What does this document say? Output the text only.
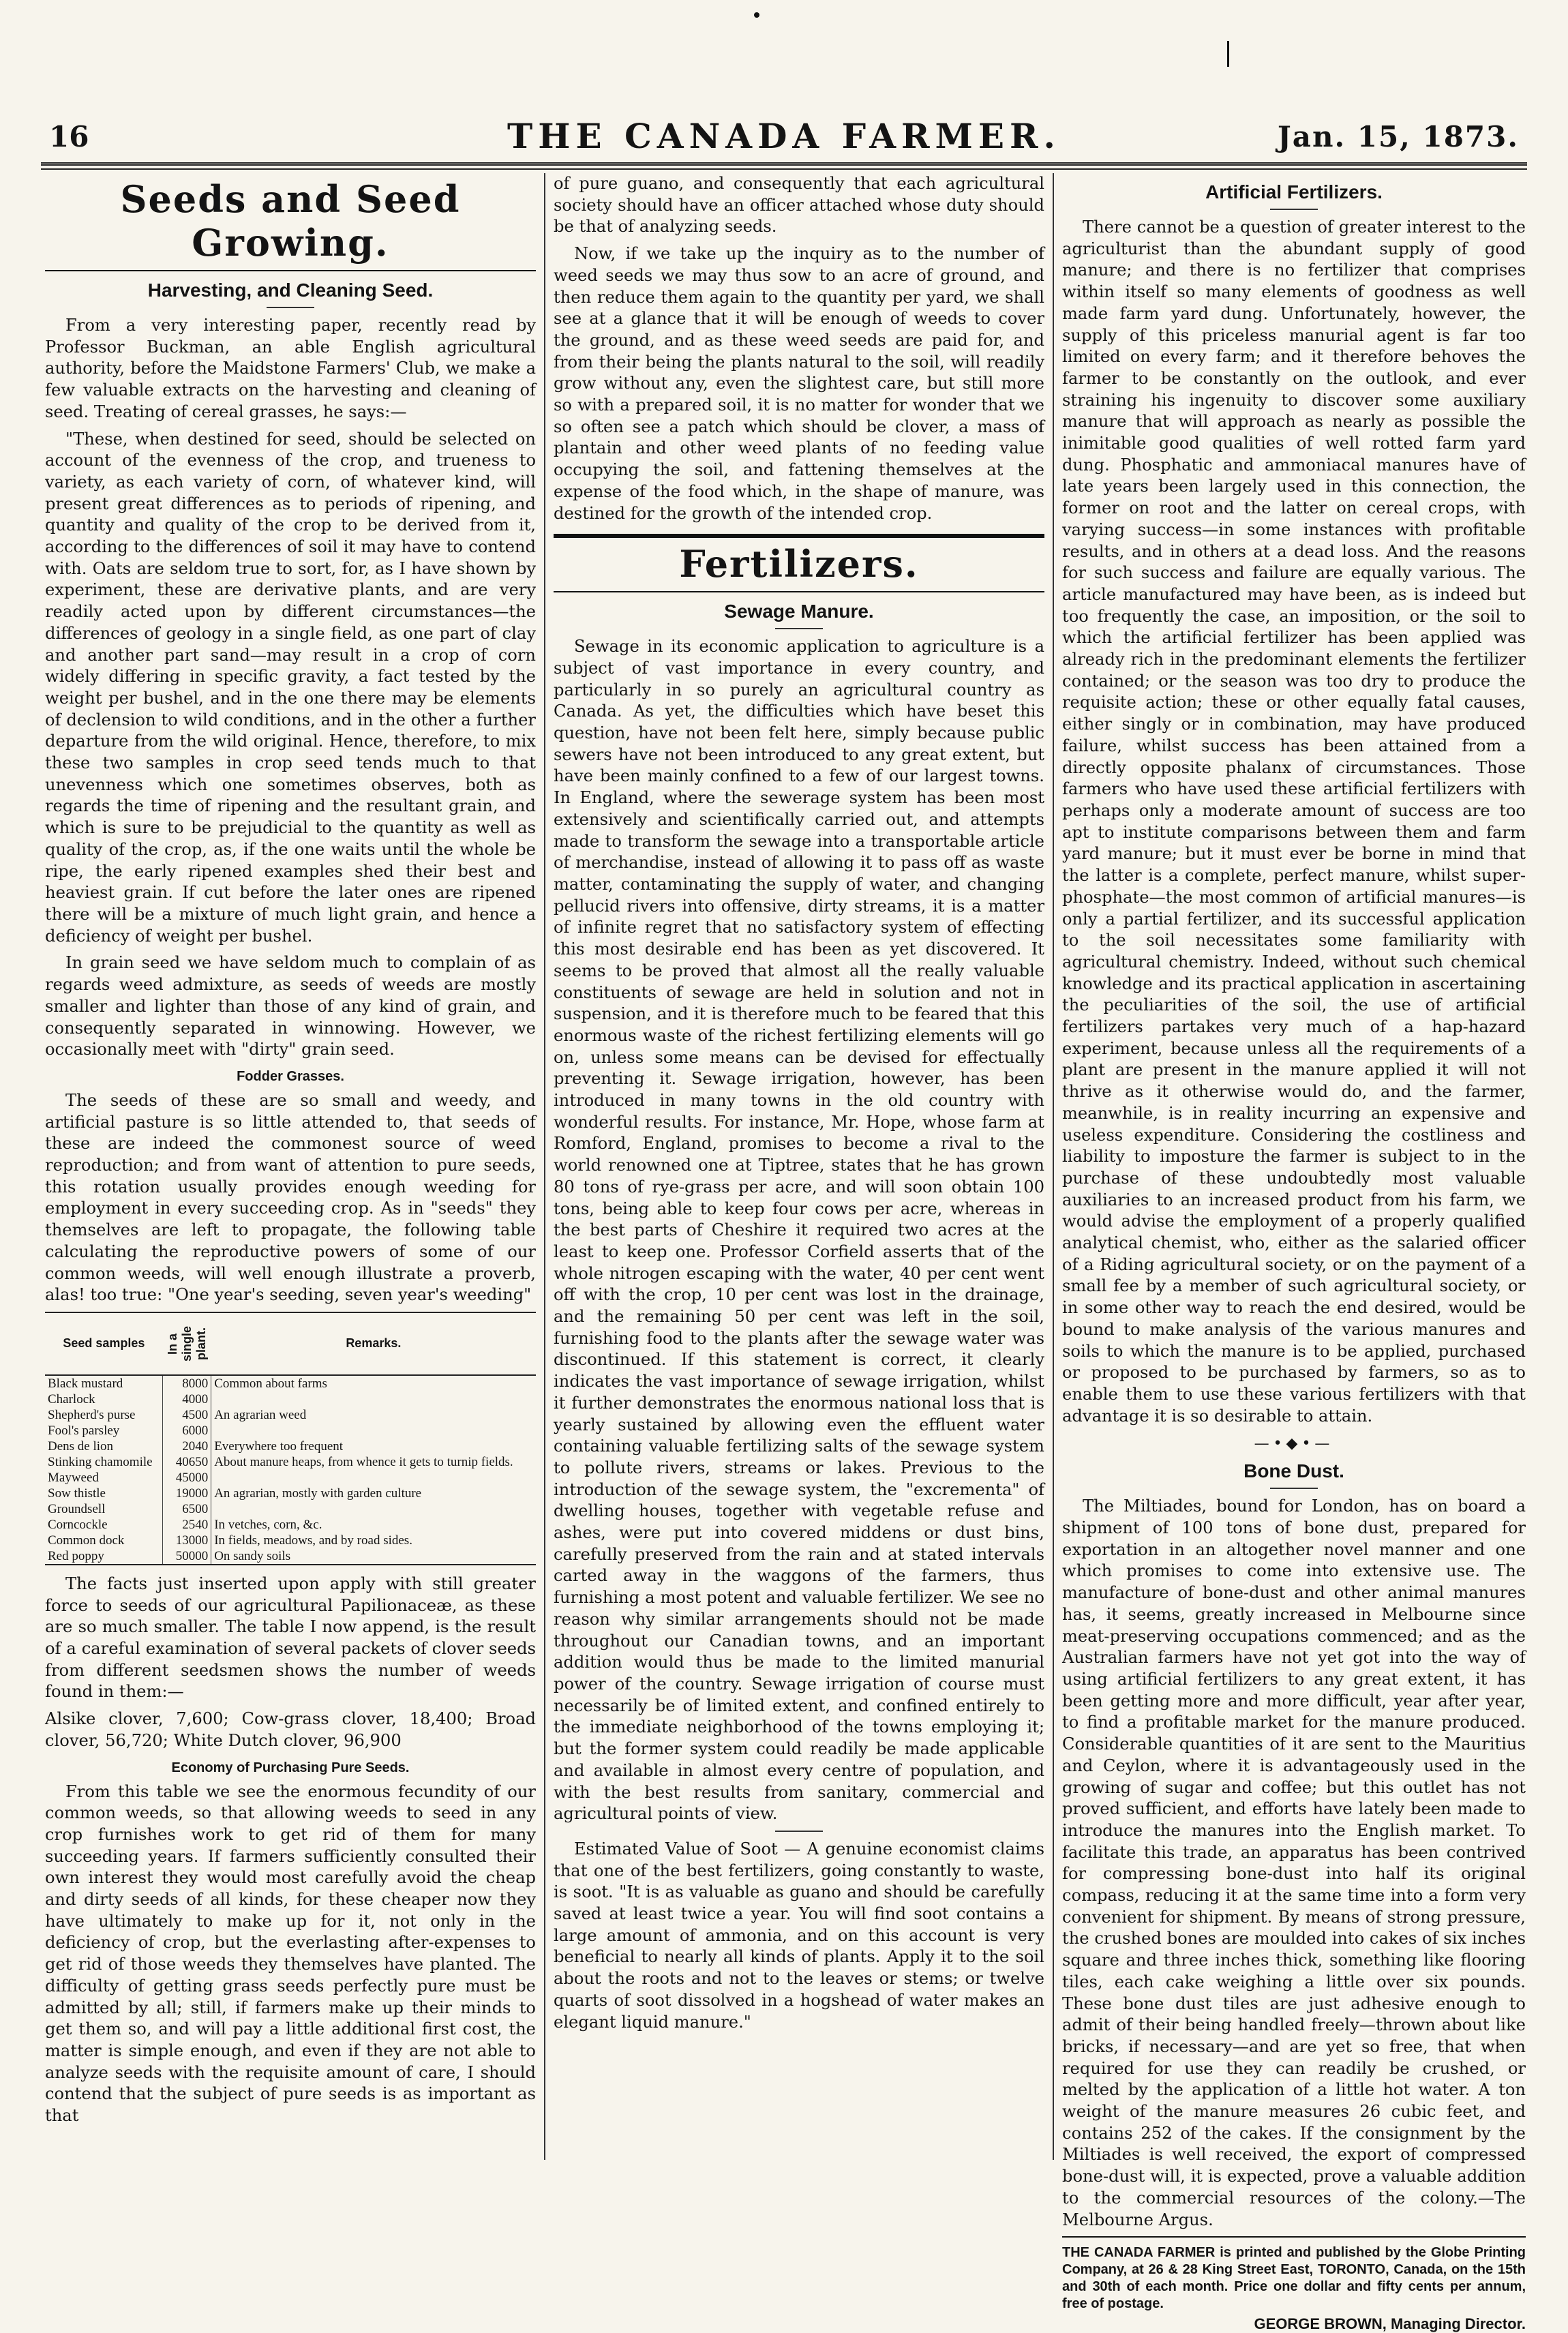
16	THE CANADA FARMER.	Jan. 15, 1873.
Seeds and Seed Growing.
Harvesting, and Cleaning Seed.

From a very interesting paper, recently read by Professor Buckman, an able English agricultural authority, before the Maidstone Farmers' Club, we make a few valuable extracts on the harvesting and cleaning of seed. Treating of cereal grasses, he says:—

"These, when destined for seed, should be selected on account of the evenness of the crop, and trueness to variety, as each variety of corn, of whatever kind, will present great differences as to periods of ripening, and quantity and quality of the crop to be derived from it, according to the differences of soil it may have to contend with. Oats are seldom true to sort, for, as I have shown by experiment, these are derivative plants, and are very readily acted upon by different circumstances—the differences of geology in a single field, as one part of clay and another part sand—may result in a crop of corn widely differing in specific gravity, a fact tested by the weight per bushel, and in the one there may be elements of declension to wild conditions, and in the other a further departure from the wild original. Hence, therefore, to mix these two samples in crop seed tends much to that unevenness which one sometimes observes, both as regards the time of ripening and the resultant grain, and which is sure to be prejudicial to the quantity as well as quality of the crop, as, if the one waits until the whole be ripe, the early ripened examples shed their best and heaviest grain. If cut before the later ones are ripened there will be a mixture of much light grain, and hence a deficiency of weight per bushel.

In grain seed we have seldom much to complain of as regards weed admixture, as seeds of weeds are mostly smaller and lighter than those of any kind of grain, and consequently separated in winnowing. However, we occasionally meet with "dirty" grain seed.

Fodder Grasses.

The seeds of these are so small and weedy, and artificial pasture is so little attended to, that seeds of these are indeed the commonest source of weed reproduction; and from want of attention to pure seeds, this rotation usually provides enough weeding for employment in every succeeding crop. As in "seeds" they themselves are left to propagate, the following table calculating the reproductive powers of some of our common weeds, will well enough illustrate a proverb, alas! too true: "One year's seeding, seven year's weeding"

Seed samples	In a single plant.	Remarks.
Black mustard	8000	Common about farms
Charlock	4000	
Shepherd's purse	4500	An agrarian weed
Fool's parsley	6000	
Dens de lion	2040	Everywhere too frequent
Stinking chamomile	40650	About manure heaps, from whence it gets to turnip fields.
Mayweed	45000	
Sow thistle	19000	An agrarian, mostly with garden culture
Groundsell	6500	
Corncockle	2540	In vetches, corn, &c.
Common dock	13000	In fields, meadows, and by road sides.
Red poppy	50000	On sandy soils

The facts just inserted upon apply with still greater force to seeds of our agricultural Papilionaceæ, as these are so much smaller. The table I now append, is the result of a careful examination of several packets of clover seeds from different seedsmen shows the number of weeds found in them:—

Alsike clover, 7,600; Cow-grass clover, 18,400; Broad clover, 56,720; White Dutch clover, 96,900

Economy of Purchasing Pure Seeds.

From this table we see the enormous fecundity of our common weeds, so that allowing weeds to seed in any crop furnishes work to get rid of them for many succeeding years. If farmers sufficiently consulted their own interest they would most carefully avoid the cheap and dirty seeds of all kinds, for these cheaper now they have ultimately to make up for it, not only in the deficiency of crop, but the everlasting after-expenses to get rid of those weeds they themselves have planted. The difficulty of getting grass seeds perfectly pure must be admitted by all; still, if farmers make up their minds to get them so, and will pay a little additional first cost, the matter is simple enough, and even if they are not able to analyze seeds with the requisite amount of care, I should contend that the subject of pure seeds is as important as that

of pure guano, and consequently that each agricultural society should have an officer attached whose duty should be that of analyzing seeds.

Now, if we take up the inquiry as to the number of weed seeds we may thus sow to an acre of ground, and then reduce them again to the quantity per yard, we shall see at a glance that it will be enough of weeds to cover the ground, and as these weed seeds are paid for, and from their being the plants natural to the soil, will readily grow without any, even the slightest care, but still more so with a prepared soil, it is no matter for wonder that we so often see a patch which should be clover, a mass of plantain and other weed plants of no feeding value occupying the soil, and fattening themselves at the expense of the food which, in the shape of manure, was destined for the growth of the intended crop.

Fertilizers.
Sewage Manure.

Sewage in its economic application to agriculture is a subject of vast importance in every country, and particularly in so purely an agricultural country as Canada. As yet, the difficulties which have beset this question, have not been felt here, simply because public sewers have not been introduced to any great extent, but have been mainly confined to a few of our largest towns. In England, where the sewerage system has been most extensively and scientifically carried out, and attempts made to transform the sewage into a transportable article of merchandise, instead of allowing it to pass off as waste matter, contaminating the supply of water, and changing pellucid rivers into offensive, dirty streams, it is a matter of infinite regret that no satisfactory system of effecting this most desirable end has been as yet discovered. It seems to be proved that almost all the really valuable constituents of sewage are held in solution and not in suspension, and it is therefore much to be feared that this enormous waste of the richest fertilizing elements will go on, unless some means can be devised for effectually preventing it. Sewage irrigation, however, has been introduced in many towns in the old country with wonderful results. For instance, Mr. Hope, whose farm at Romford, England, promises to become a rival to the world renowned one at Tiptree, states that he has grown 80 tons of rye-grass per acre, and will soon obtain 100 tons, being able to keep four cows per acre, whereas in the best parts of Cheshire it required two acres at the least to keep one. Professor Corfield asserts that of the whole nitrogen escaping with the water, 40 per cent went off with the crop, 10 per cent was lost in the drainage, and the remaining 50 per cent was left in the soil, furnishing food to the plants after the sewage water was discontinued. If this statement is correct, it clearly indicates the vast importance of sewage irrigation, whilst it further demonstrates the enormous national loss that is yearly sustained by allowing even the effluent water containing valuable fertilizing salts of the sewage system to pollute rivers, streams or lakes. Previous to the introduction of the sewage system, the "excrementa" of dwelling houses, together with vegetable refuse and ashes, were put into covered middens or dust bins, carefully preserved from the rain and at stated intervals carted away in the waggons of the farmers, thus furnishing a most potent and valuable fertilizer. We see no reason why similar arrangements should not be made throughout our Canadian towns, and an important addition would thus be made to the limited manurial power of the country. Sewage irrigation of course must necessarily be of limited extent, and confined entirely to the immediate neighborhood of the towns employing it; but the former system could readily be made applicable and available in almost every centre of population, and with the best results from sanitary, commercial and agricultural points of view.

Estimated Value of Soot — A genuine economist claims that one of the best fertilizers, going constantly to waste, is soot. "It is as valuable as guano and should be carefully saved at least twice a year. You will find soot contains a large amount of ammonia, and on this account is very beneficial to nearly all kinds of plants. Apply it to the soil about the roots and not to the leaves or stems; or twelve quarts of soot dissolved in a hogshead of water makes an elegant liquid manure."

Artificial Fertilizers.

There cannot be a question of greater interest to the agriculturist than the abundant supply of good manure; and there is no fertilizer that comprises within itself so many elements of goodness as well made farm yard dung. Unfortunately, however, the supply of this priceless manurial agent is far too limited on every farm; and it therefore behoves the farmer to be constantly on the outlook, and ever straining his ingenuity to discover some auxiliary manure that will approach as nearly as possible the inimitable good qualities of well rotted farm yard dung. Phosphatic and ammoniacal manures have of late years been largely used in this connection, the former on root and the latter on cereal crops, with varying success—in some instances with profitable results, and in others at a dead loss. And the reasons for such success and failure are equally various. The article manufactured may have been, as is indeed but too frequently the case, an imposition, or the soil to which the artificial fertilizer has been applied was already rich in the predominant elements the fertilizer contained; or the season was too dry to produce the requisite action; these or other equally fatal causes, either singly or in combination, may have produced failure, whilst success has been attained from a directly opposite phalanx of circumstances. Those farmers who have used these artificial fertilizers with perhaps only a moderate amount of success are too apt to institute comparisons between them and farm yard manure; but it must ever be borne in mind that the latter is a complete, perfect manure, whilst super-phosphate—the most common of artificial manures—is only a partial fertilizer, and its successful application to the soil necessitates some familiarity with agricultural chemistry. Indeed, without such chemical knowledge and its practical application in ascertaining the peculiarities of the soil, the use of artificial fertilizers partakes very much of a hap-hazard experiment, because unless all the requirements of a plant are present in the manure applied it will not thrive as it otherwise would do, and the farmer, meanwhile, is in reality incurring an expensive and useless expenditure. Considering the costliness and liability to imposture the farmer is subject to in the purchase of these undoubtedly most valuable auxiliaries to an increased product from his farm, we would advise the employment of a properly qualified analytical chemist, who, either as the salaried officer of a Riding agricultural society, or on the payment of a small fee by a member of such agricultural society, or in some other way to reach the end desired, would be bound to make analysis of the various manures and soils to which the manure is to be applied, purchased or proposed to be purchased by farmers, so as to enable them to use these various fertilizers with that advantage it is so desirable to attain.

—•◆•—
Bone Dust.

The Miltiades, bound for London, has on board a shipment of 100 tons of bone dust, prepared for exportation in an altogether novel manner and one which promises to come into extensive use. The manufacture of bone-dust and other animal manures has, it seems, greatly increased in Melbourne since meat-preserving occupations commenced; and as the Australian farmers have not yet got into the way of using artificial fertilizers to any great extent, it has been getting more and more difficult, year after year, to find a profitable market for the manure produced. Considerable quantities of it are sent to the Mauritius and Ceylon, where it is advantageously used in the growing of sugar and coffee; but this outlet has not proved sufficient, and efforts have lately been made to introduce the manures into the English market. To facilitate this trade, an apparatus has been contrived for compressing bone-dust into half its original compass, reducing it at the same time into a form very convenient for shipment. By means of strong pressure, the crushed bones are moulded into cakes of six inches square and three inches thick, something like flooring tiles, each cake weighing a little over six pounds. These bone dust tiles are just adhesive enough to admit of their being handled freely—thrown about like bricks, if necessary—and are yet so free, that when required for use they can readily be crushed, or melted by the application of a little hot water. A ton weight of the manure measures 26 cubic feet, and contains 252 of the cakes. If the consignment by the Miltiades is well received, the export of compressed bone-dust will, it is expected, prove a valuable addition to the commercial resources of the colony.—The Melbourne Argus.

THE CANADA FARMER is printed and published by the Globe Printing Company, at 26 & 28 King Street East, TORONTO, Canada, on the 15th and 30th of each month. Price one dollar and fifty cents per annum, free of postage.
GEORGE BROWN, Managing Director.
